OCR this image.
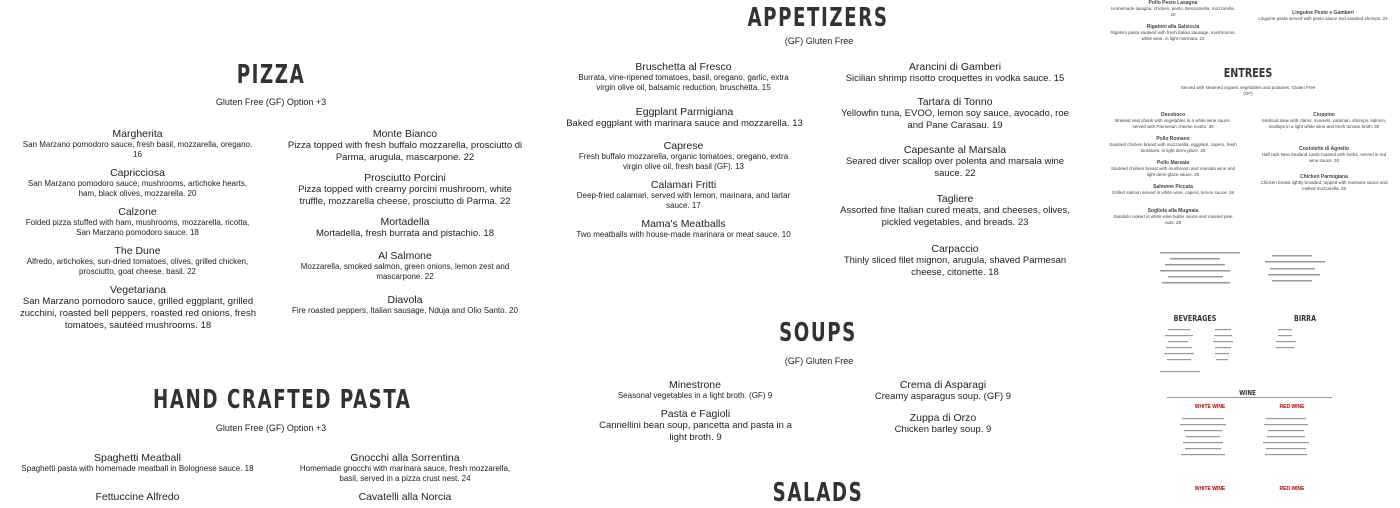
PIZZA
Gluten Free (GF) Option +3
Margherita
San Marzano pomodoro sauce, fresh basil, mozzarella, oregano. 16
Capricciosa
San Marzano pomodoro sauce, mushrooms, artichoke hearts, ham, black olives, mozzarella. 20
Calzone
Folded pizza stuffed with ham, mushrooms, mozzarella, ricotta, San Marzano pomodoro sauce. 18
The Dune
Alfredo, artichokes, sun-dried tomatoes, olives, grilled chicken, prosciutto, goat cheese, basil. 22
Vegetariana
San Marzano pomodoro sauce, grilled eggplant, grilled zucchini, roasted bell peppers, roasted red onions, fresh tomatoes, sautéed mushrooms. 18
Monte Bianco
Pizza topped with fresh buffalo mozzarella, prosciutto di Parma, arugula, mascarpone. 22
Prosciutto Porcini
Pizza topped with creamy porcini mushroom, white truffle, mozzarella cheese, prosciutto di Parma. 22
Mortadella
Mortadella, fresh burrata and pistachio. 18
Al Salmone
Mozzarella, smoked salmon, green onions, lemon zest and mascarpone. 22
Diavola
Fire roasted peppers, Italian sausage, Nduja and Olio Santo. 20
HAND CRAFTED PASTA
Gluten Free (GF) Option +3
Spaghetti Meatball
Spaghetti pasta with homemade meatball in Bolognese sauce. 18
Gnocchi alla Sorrentina
Homemade gnocchi with marinara sauce, fresh mozzarella, basil, served in a pizza crust nest. 24
Fettuccine Alfredo	Cavatelli alla Norcia
APPETIZERS
(GF) Gluten Free
Bruschetta al Fresco
Burrata, vine-ripened tomatoes, basil, oregano, garlic, extra virgin olive oil, balsamic reduction, bruschetta. 15
Eggplant Parmigiana
Baked eggplant with marinara sauce and mozzarella. 13
Caprese
Fresh buffalo mozzarella, organic tomatoes, oregano, extra virgin olive oil, fresh basil (GF). 13
Calamari Fritti
Deep-fried calamari, served with lemon, marinara, and tartar sauce. 17
Mama's Meatballs
Two meatballs with house-made marinara or meat sauce. 10
Arancini di Gamberi
Sicilian shrimp risotto croquettes in vodka sauce. 15
Tartara di Tonno
Yellowfin tuna, EVOO, lemon soy sauce, avocado, roe and Pane Carasau. 19
Capesante al Marsala
Seared diver scallop over polenta and marsala wine sauce. 22
Tagliere
Assorted fine Italian cured meats, and cheeses, olives, pickled vegetables, and breads. 23
Carpaccio
Thinly sliced filet mignon, arugula, shaved Parmesan cheese, citonette. 18
SOUPS
(GF) Gluten Free
Minestrone
Seasonal vegetables in a light broth. (GF) 9
Pasta e Fagioli
Cannellini bean soup, pancetta and pasta in a light broth. 9
Crema di Asparagi
Creamy asparagus soup. (GF) 9
Zuppa di Orzo
Chicken barley soup. 9
SALADS
Pollo Pesto Lasagna
Homemade lasagna, chicken, pesto, Besciamella, mozzarella. 20
Rigatoni alla Salsiccia
Rigatoni pasta sauteed with fresh Italian sausage, mushrooms, white wine, in light marinara. 22
Linguine Pesto e Gamberi
Linguine pasta served with pesto sauce and sautéed shrimps. 24
ENTREES
Served with steamed organic vegetables and potatoes. Gluten Free (GF)
Ossobuco
Braised veal shank with vegetables in a white wine sauce, served with Parmesan cheese risotto. 35
Pollo Romano
Sautéed chicken breast with mozzarella, eggplant, capers, fresh tomatoes, in light demi-glaze. 25
Pollo Marsala
Sautéed chicken breast with mushroom and marsala wine and light demi-glaze sauce. 25
Salmone Piccata
Grilled salmon served in white wine, capers, lemon sauce. 28
Sogliola alla Mugnaia
Sandab cooked in white wine butter sauce and roasted pine nuts. 28
Cioppino
Seafood stew with clams, mussels, calamari, shrimps, salmon, scallops in a light white wine and fresh tomato broth. 35
Costolette di Agnello
Half rack New Zealand Lamb roasted with herbs, served in red wine sauce. 30
Chicken Parmigiana
Chicken breast lightly breaded, topped with marinara sauce and melted mozzarella. 25
BEVERAGES	BIRRA
WINE
WHITE WINE	RED WINE
WHITE WINE	RED WINE
